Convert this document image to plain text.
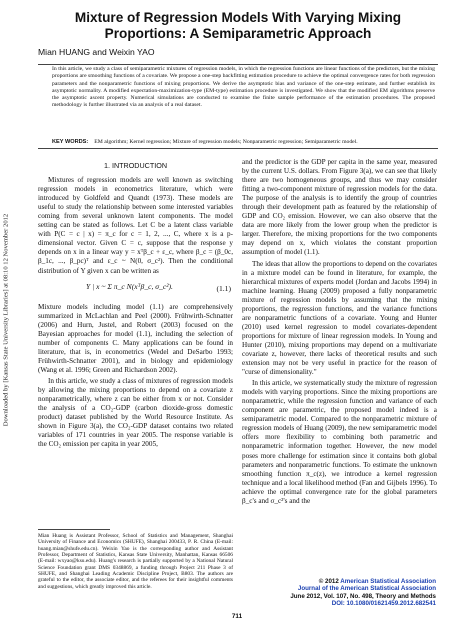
Downloaded by [Kansas State University Libraries] at 08:10 12 November 2012
Mixture of Regression Models With Varying Mixing Proportions: A Semiparametric Approach
Mian HUANG and Weixin YAO
In this article, we study a class of semiparametric mixtures of regression models, in which the regression functions are linear functions of the predictors, but the mixing proportions are smoothing functions of a covariate. We propose a one-step backfitting estimation procedure to achieve the optimal convergence rates for both regression parameters and the nonparametric functions of mixing proportions. We derive the asymptotic bias and variance of the one-step estimate, and further establish its asymptotic normality. A modified expectation-maximization-type (EM-type) estimation procedure is investigated. We show that the modified EM algorithms preserve the asymptotic ascent property. Numerical simulations are conducted to examine the finite sample performance of the estimation procedures. The proposed methodology is further illustrated via an analysis of a real dataset.
KEY WORDS: EM algorithm; Kernel regression; Mixture of regression models; Nonparametric regression; Semiparametric model.
1. INTRODUCTION

Mixtures of regression models are well known as switching regression models in econometrics literature, which were introduced by Goldfeld and Quandt (1973). These models are useful to study the relationship between some interested variables coming from several unknown latent components. The model setting can be stated as follows. Let C be a latent class variable with P(C = c | x) = π_c for c = 1, 2, ..., C, where x is a p-dimensional vector. Given C = c, suppose that the response y depends on x in a linear way y = xᵀβ_c + ε_c, where β_c = (β_0c, β_1c, ..., β_pc)ᵀ and ε_c ~ N(0, σ_c²). Then the conditional distribution of Y given x can be written as

Y | x ~ Σ π_c N(xᵀβ_c, σ_c²).	(1.1)

Mixture models including model (1.1) are comprehensively summarized in McLachlan and Peel (2000). Frühwirth-Schnatter (2006) and Hurn, Justel, and Robert (2003) focused on the Bayesian approaches for model (1.1), including the selection of number of components C. Many applications can be found in literature, that is, in econometrics (Wedel and DeSarbo 1993; Frühwirth-Schnatter 2001), and in biology and epidemiology (Wang et al. 1996; Green and Richardson 2002).

In this article, we study a class of mixtures of regression models by allowing the mixing proportions to depend on a covariate z nonparametrically, where z can be either from x or not. Consider the analysis of a CO₂-GDP (carbon dioxide-gross domestic product) dataset published by the World Resource Institute. As shown in Figure 3(a), the CO₂-GDP dataset contains two related variables of 171 countries in year 2005. The response variable is the CO₂ emission per capita in year 2005,

and the predictor is the GDP per capita in the same year, measured by the current U.S. dollars. From Figure 3(a), we can see that likely there are two homogeneous groups, and thus we may consider fitting a two-component mixture of regression models for the data. The purpose of the analysis is to identify the group of countries through their development path as featured by the relationship of GDP and CO₂ emission. However, we can also observe that the data are more likely from the lower group when the predictor is larger. Therefore, the mixing proportions for the two components may depend on x, which violates the constant proportion assumption of model (1.1).

The ideas that allow the proportions to depend on the covariates in a mixture model can be found in literature, for example, the hierarchical mixtures of experts model (Jordan and Jacobs 1994) in machine learning. Huang (2009) proposed a fully nonparametric mixture of regression models by assuming that the mixing proportions, the regression functions, and the variance functions are nonparametric functions of a covariate. Young and Hunter (2010) used kernel regression to model covariates-dependent proportions for mixture of linear regression models. In Young and Hunter (2010), mixing proportions may depend on a multivariate covariate z, however, there lacks of theoretical results and such extension may not be very useful in practice for the reason of "curse of dimensionality."

In this article, we systematically study the mixture of regression models with varying proportions. Since the mixing proportions are nonparametric, while the regression function and variance of each component are parametric, the proposed model indeed is a semiparametric model. Compared to the nonparametric mixture of regression models of Huang (2009), the new semiparametric model offers more flexibility to combining both parametric and nonparametric information together. However, the new model poses more challenge for estimation since it contains both global parameters and nonparametric functions. To estimate the unknown smoothing function π_c(z), we introduce a kernel regression technique and a local likelihood method (Fan and Gijbels 1996). To achieve the optimal convergence rate for the global parameters β_c's and σ_c²'s and the

Mian Huang is Assistant Professor, School of Statistics and Management, Shanghai University of Finance and Economics (SHUFE), Shanghai 200433, P. R. China (E-mail: huang.mian@shufe.edu.cn). Weixin Yao is the corresponding author and Assistant Professor, Department of Statistics, Kansas State University, Manhattan, Kansas 66506 (E-mail: wxyao@ksu.edu). Huang's research is partially supported by a National Natural Science Foundation grant DMS 0348869, a funding through Project 211 Phase 3 of SHUFE, and Shanghai Leading Academic Discipline Project, B803. The authors are grateful to the editor, the associate editor, and the referees for their insightful comments and suggestions, which greatly improved this article.
© 2012 American Statistical Association
Journal of the American Statistical Association
June 2012, Vol. 107, No. 498, Theory and Methods
DOI: 10.1080/01621459.2012.682541
711
